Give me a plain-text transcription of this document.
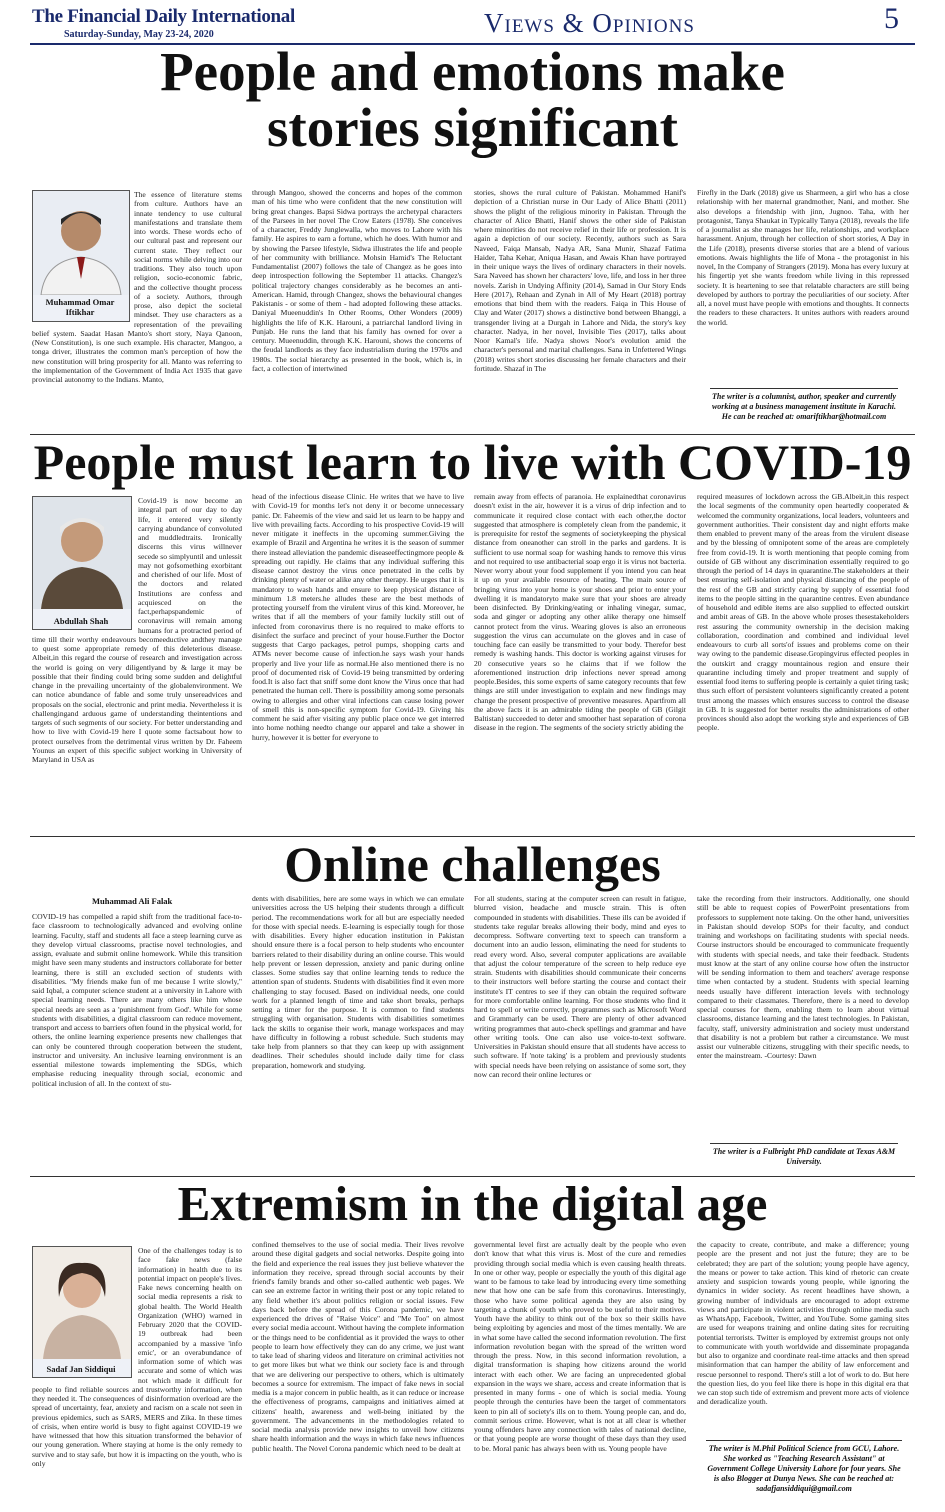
The Financial Daily International
Saturday-Sunday, May 23-24, 2020	Views & Opinions	5
People and emotions make stories significant
Muhammad Omar Iftikhar

The essence of literature stems from culture. Authors have an innate tendency to use cultural manifestations and translate them into words. These words echo of our cultural past and represent our current state. They reflect our social norms while delving into our traditions. They also touch upon religion, socio-economic fabric, and the collective thought process of a society. Authors, through prose, also depict the societal mindset. They use characters as a representation of the prevailing belief system. Saadat Hasan Manto's short story, Naya Qanoon, (New Constitution), is one such example. His character, Mangoo, a tonga driver, illustrates the common man's perception of how the new constitution will bring prosperity for all. Manto was referring to the implementation of the Government of India Act 1935 that gave provincial autonomy to the Indians. Manto,

through Mangoo, showed the concerns and hopes of the common man of his time who were confident that the new constitution will bring great changes. Bapsi Sidwa portrays the archetypal characters of the Parsees in her novel The Crow Eaters (1978). She conceives of a character, Freddy Junglewalla, who moves to Lahore with his family. He aspires to earn a fortune, which he does. With humor and by showing the Parsee lifestyle, Sidwa illustrates the life and people of her community with brilliance. Mohsin Hamid's The Reluctant Fundamentalist (2007) follows the tale of Changez as he goes into deep introspection following the September 11 attacks. Changez's political trajectory changes considerably as he becomes an anti-American. Hamid, through Changez, shows the behavioural changes Pakistanis - or some of them - had adopted following these attacks. Daniyal Mueenuddin's In Other Rooms, Other Wonders (2009) highlights the life of K.K. Harouni, a patriarchal landlord living in Punjab. He runs the land that his family has owned for over a century. Mueenuddin, through K.K. Harouni, shows the concerns of the feudal landlords as they face industrialism during the 1970s and 1980s. The social hierarchy as presented in the book, which is, in fact, a collection of intertwined
stories, shows the rural culture of Pakistan. Mohammed Hanif's depiction of a Christian nurse in Our Lady of Alice Bhatti (2011) shows the plight of the religious minority in Pakistan. Through the character of Alice Bhatti, Hanif shows the other side of Pakistan where minorities do not receive relief in their life or profession. It is again a depiction of our society. Recently, authors such as Sara Naveed, Faiqa Mansab, Nadya AR, Sana Munir, Shazaf Fatima Haider, Taha Kehar, Aniqua Hasan, and Awais Khan have portrayed in their unique ways the lives of ordinary characters in their novels. Sara Naveed has shown her characters' love, life, and loss in her three novels. Zarish in Undying Affinity (2014), Samad in Our Story Ends Here (2017), Rehaan and Zynah in All of My Heart (2018) portray emotions that bind them with the readers. Faiqa in This House of Clay and Water (2017) shows a distinctive bond between Bhanggi, a transgender living at a Durgah in Lahore and Nida, the story's key character. Nadya, in her novel, Invisible Ties (2017), talks about Noor Kamal's life. Nadya shows Noor's evolution amid the character's personal and marital challenges. Sana in Unfettered Wings (2018) writes short stories discussing her female characters and their fortitude. Shazaf in The
Firefly in the Dark (2018) give us Sharmeen, a girl who has a close relationship with her maternal grandmother, Nani, and mother. She also develops a friendship with jinn, Jugnoo. Taha, with her protagonist, Tanya Shaukat in Typically Tanya (2018), reveals the life of a journalist as she manages her life, relationships, and workplace harassment. Anjum, through her collection of short stories, A Day in the Life (2018), presents diverse stories that are a blend of various emotions. Awais highlights the life of Mona - the protagonist in his novel, In the Company of Strangers (2019). Mona has every luxury at his fingertip yet she wants freedom while living in this repressed society. It is heartening to see that relatable characters are still being developed by authors to portray the peculiarities of our society. After all, a novel must have people with emotions and thoughts. It connects the readers to these characters. It unites authors with readers around the world.
The writer is a columnist, author, speaker and currently working at a business management institute in Karachi. He can be reached at: omariftikhar@hotmail.com
People must learn to live with COVID-19
Abdullah Shah

Covid-19 is now become an integral part of our day to day life, it entered very silently carrying abundance of convoluted and muddledtraits. Ironically discerns this virus willnever secede so simplyuntil and unlessit may not gofsomething exorbitant and cherished of our life. Most of the doctors and related Institutions are confess and acquiesced on the fact,perhapspandemic of coronavirus will remain among humans for a protracted period of time till their worthy endeavours becomeeductive andthey manage to quest some appropriate remedy of this deleterious disease. Albeit,in this regard the course of research and investigation across the world is going on very diligentlyand by & large it may be possible that their finding could bring some sudden and delightful change in the prevailing uncertainty of the globalenvironment. We can notice abundance of fable and some truly unsereadvices and proposals on the social, electronic and print media. Nevertheless it is challengingand arduous game of understanding theintentions and targets of such segments of our society. For better understanding and how to live with Covid-19 here I quote some factsabout how to protect ourselves from the detrimental virus written by Dr. Faheem Younus an expert of this specific subject working in University of Maryland in USA as

head of the infectious disease Clinic. He writes that we have to live with Covid-19 for months let's not deny it or become unnecessary panic. Dr. Faheemis of the view and said let us learn to be happy and live with prevailing facts. According to his prospective Covid-19 will never mitigate it ineffects in the upcoming summer.Giving the example of Brazil and Argentina he writes it is the season of summer there instead alleviation the pandemic diseaseeffectingmore people & spreading out rapidly. He claims that any individual suffering this disease cannot destroy the virus once penetrated in the cells by drinking plenty of water or alike any other therapy. He urges that it is mandatory to wash hands and ensure to keep physical distance of minimum 1.8 meters.he alludes these are the best methods of protecting yourself from the virulent virus of this kind. Moreover, he writes that if all the members of your family luckily still out of infected from coronavirus there is no required to make efforts to disinfect the surface and precinct of your house.Further the Doctor suggests that Cargo packages, petrol pumps, shopping carts and ATMs never become cause of infection.he says wash your hands properly and live your life as normal.He also mentioned there is no proof of documented risk of Covid-19 being transmitted by ordering food.It is also fact that sniff some dont know the Virus once that had penetrated the human cell. There is possibility among some personals owing to allergies and other viral infections can cause losing power of smell this is non-specific symptom for Covid-19. Giving his comment he said after visiting any public place once we get interred into home nothing needto change our apparel and take a shower in hurry, however it is better for everyone to
remain away from effects of paranoia. He explainedthat coronavirus doesn't exist in the air, however it is a virus of drip infection and to communicate it required close contact with each other,the doctor suggested that atmosphere is completely clean from the pandemic, it is prerequisite for restof the segments of societykeeping the physical distance from oneanother can stroll in the parks and gardens. It is sufficient to use normal soap for washing hands to remove this virus and not required to use antibacterial soap ergo it is virus not bacteria. Never worry about your food supplement if you intend you can heat it up on your available resource of heating. The main source of bringing virus into your home is your shoes and prior to enter your dwelling it is mandatoryto make sure that your shoes are already been disinfected. By Drinking/eating or inhaling vinegar, sumac, soda and ginger or adopting any other alike therapy one himself cannot protect from the virus. Wearing gloves is also an erroneous suggestion the virus can accumulate on the gloves and in case of touching face can easily be transmitted to your body. Therefor best remedy is washing hands. This doctor is working against viruses for 20 consecutive years so he claims that if we follow the aforementioned instruction drip infections never spread among people.Besides, this some experts of same category recounts that few things are still under investigation to explain and new findings may change the present prospective of preventive measures. Apartfrom all the above facts it is an admirable tiding the people of GB (Gilgit Baltistan) succeeded to deter and smoother hast separation of corona disease in the region. The segments of the society strictly abiding the
required measures of lockdown across the GB.Albeit,in this respect the local segments of the community open heartedly cooperated & welcomed the community organizations, local leaders, volunteers and government authorities. Their consistent day and night efforts make them enabled to prevent many of the areas from the virulent disease and by the blessing of omnipotent some of the areas are completely free from covid-19. It is worth mentioning that people coming from outside of GB without any discrimination essentially required to go through the period of 14 days in quarantine.The stakeholders at their best ensuring self-isolation and physical distancing of the people of the rest of the GB and strictly caring by supply of essential food items to the people sitting in the quarantine centres. Even abundance of household and edible items are also supplied to effected outskirt and ambit areas of GB. In the above whole proses thesestakeholders rest assuring the community ownership in the decision making collaboration, coordination and combined and individual level endeavours to curb all sorts'of issues and problems come on their way owing to the pandemic disease.Gropingvirus effected peoples in the outskirt and craggy mountainous region and ensure their quarantine including timely and proper treatment and supply of essential food items to suffering people is certainly a quiet tiring task; thus such effort of persistent volunteers significantly created a potent trust among the masses which ensures success to control the disease in GB. It is suggested for better results the administrations of other provinces should also adopt the working style and experiences of GB people.
Online challenges
Muhammad Ali Falak
COVID-19 has compelled a rapid shift from the traditional face-to-face classroom to technologically advanced and evolving online learning. Faculty, staff and students all face a steep learning curve as they develop virtual classrooms, practise novel technologies, and assign, evaluate and submit online homework. While this transition might have seen many students and instructors collaborate for better learning, there is still an excluded section of students with disabilities. "My friends make fun of me because I write slowly," said Iqbal, a computer science student at a university in Lahore with special learning needs. There are many others like him whose special needs are seen as a 'punishment from God'. While for some students with disabilities, a digital classroom can reduce movement, transport and access to barriers often found in the physical world, for others, the online learning experience presents new challenges that can only be countered through cooperation between the student, instructor and university. An inclusive learning environment is an essential milestone towards implementing the SDGs, which emphasise reducing inequality through social, economic and political inclusion of all. In the context of stu-
dents with disabilities, here are some ways in which we can emulate universities across the US helping their students through a difficult period. The recommendations work for all but are especially needed for those with special needs. E-learning is especially tough for those with disabilities. Every higher education institution in Pakistan should ensure there is a focal person to help students who encounter barriers related to their disability during an online course. This would help prevent or lessen depression, anxiety and panic during online classes. Some studies say that online learning tends to reduce the attention span of students. Students with disabilities find it even more challenging to stay focused. Based on individual needs, one could work for a planned length of time and take short breaks, perhaps setting a timer for the purpose. It is common to find students struggling with organisation. Students with disabilities sometimes lack the skills to organise their work, manage workspaces and may have difficulty in following a robust schedule. Such students may take help from planners so that they can keep up with assignment deadlines. Their schedules should include daily time for class preparation, homework and studying.
For all students, staring at the computer screen can result in fatigue, blurred vision, headache and muscle strain. This is often compounded in students with disabilities. These ills can be avoided if students take regular breaks allowing their body, mind and eyes to decompress. Software converting text to speech can transform a document into an audio lesson, eliminating the need for students to read every word. Also, several computer applications are available that adjust the colour temperature of the screen to help reduce eye strain. Students with disabilities should communicate their concerns to their instructors well before starting the course and contact their institute's IT centres to see if they can obtain the required software for more comfortable online learning. For those students who find it hard to spell or write correctly, programmes such as Microsoft Word and Grammarly can be used. There are plenty of other advanced writing programmes that auto-check spellings and grammar and have other writing tools. One can also use voice-to-text software. Universities in Pakistan should ensure that all students have access to such software. If 'note taking' is a problem and previously students with special needs have been relying on assistance of some sort, they now can record their online lectures or
take the recording from their instructors. Additionally, one should still be able to request copies of PowerPoint presentations from professors to supplement note taking. On the other hand, universities in Pakistan should develop SOPs for their faculty, and conduct training and workshops on facilitating students with special needs. Course instructors should be encouraged to communicate frequently with students with special needs, and take their feedback. Students must know at the start of any online course how often the instructor will be sending information to them and teachers' average response time when contacted by a student. Students with special learning needs usually have different interaction levels with technology compared to their classmates. Therefore, there is a need to develop special courses for them, enabling them to learn about virtual classrooms, distance learning and the latest technologies. In Pakistan, faculty, staff, university administration and society must understand that disability is not a problem but rather a circumstance. We must assist our vulnerable citizens, struggling with their specific needs, to enter the mainstream. -Courtesy: Dawn
The writer is a Fulbright PhD candidate at Texas A&M University.
Extremism in the digital age
Sadaf Jan Siddiqui

One of the challenges today is to face fake news (false information) in health due to its potential impact on people's lives. Fake news concerning health on social media represents a risk to global health. The World Health Organization (WHO) warned in February 2020 that the COVID-19 outbreak had been accompanied by a massive 'info emic', or an overabundance of information some of which was accurate and some of which was not which made it difficult for people to find reliable sources and trustworthy information, when they needed it. The consequences of disinformation overload are the spread of uncertainty, fear, anxiety and racism on a scale not seen in previous epidemics, such as SARS, MERS and Zika. In these times of crisis, when entire world is busy to fight against COVID-19 we have witnessed that how this situation transformed the behavior of our young generation. Where staying at home is the only remedy to survive and to stay safe, but how it is impacting on the youth, who is only

confined themselves to the use of social media. Their lives revolve around these digital gadgets and social networks. Despite going into the field and experience the real issues they just believe whatever the information they receive, spread through social accounts by their friend's family brands and other so-called authentic web pages. We can see an extreme factor in writing their post or any topic related to any field whether it's about politics religion or social issues. Few days back before the spread of this Corona pandemic, we have experienced the drives of "Raise Voice" and "Me Too" on almost every social media account. Without having the complete information or the things need to be confidential as it provided the ways to other people to learn how effectively they can do any crime, we just want to take lead of sharing videos and literature on criminal activities not to get more likes but what we think our society face is and through that we are delivering our perspective to others, which is ultimately becomes a source for extremism. The impact of fake news in social media is a major concern in public health, as it can reduce or increase the effectiveness of programs, campaigns and initiatives aimed at citizens' health, awareness and well-being initiated by the government. The advancements in the methodologies related to social media analysis provide new insights to unveil how citizens share health information and the ways in which fake news influences public health. The Novel Corona pandemic which need to be dealt at
governmental level first are actually dealt by the people who even don't know that what this virus is. Most of the cure and remedies providing through social media which is even causing health threats. In one or other way, people or especially the youth of this digital age want to be famous to take lead by introducing every time something new that how one can be safe from this coronavirus. Interestingly, those who have some political agenda they are also using by targeting a chunk of youth who proved to be useful to their motives. Youth have the ability to think out of the box so their skills have being exploiting by agencies and most of the times mentally. We are in what some have called the second information revolution. The first information revolution began with the spread of the written word through the press. Now, in this second information revolution, a digital transformation is shaping how citizens around the world interact with each other. We are facing an unprecedented global expansion in the ways we share, access and create information that is presented in many forms - one of which is social media. Young people through the centuries have been the target of commentators keen to pin all of society's ills on to them. Young people can, and do, commit serious crime. However, what is not at all clear is whether young offenders have any connection with tales of national decline, or that young people are worse thought of these days than they used to be. Moral panic has always been with us. Young people have
the capacity to create, contribute, and make a difference; young people are the present and not just the future; they are to be celebrated; they are part of the solution; young people have agency, the means or power to take action. This kind of rhetoric can create anxiety and suspicion towards young people, while ignoring the dynamics in wider society. As recent headlines have shown, a growing number of individuals are encouraged to adopt extreme views and participate in violent activities through online media such as WhatsApp, Facebook, Twitter, and YouTube. Some gaming sites are used for weapons training and online dating sites for recruiting potential terrorists. Twitter is employed by extremist groups not only to communicate with youth worldwide and disseminate propaganda but also to organize and coordinate real-time attacks and then spread misinformation that can hamper the ability of law enforcement and rescue personnel to respond. There's still a lot of work to do. But here the question lies, do you feel like there is hope in this digital era that we can stop such tide of extremism and prevent more acts of violence and deradicalize youth.
The writer is M.Phil Political Science from GCU, Lahore. She worked as "Teaching Research Assistant" at Government College University Lahore for four years. She is also Blogger at Dunya News. She can be reached at: sadafjansiddiqui@gmail.com
